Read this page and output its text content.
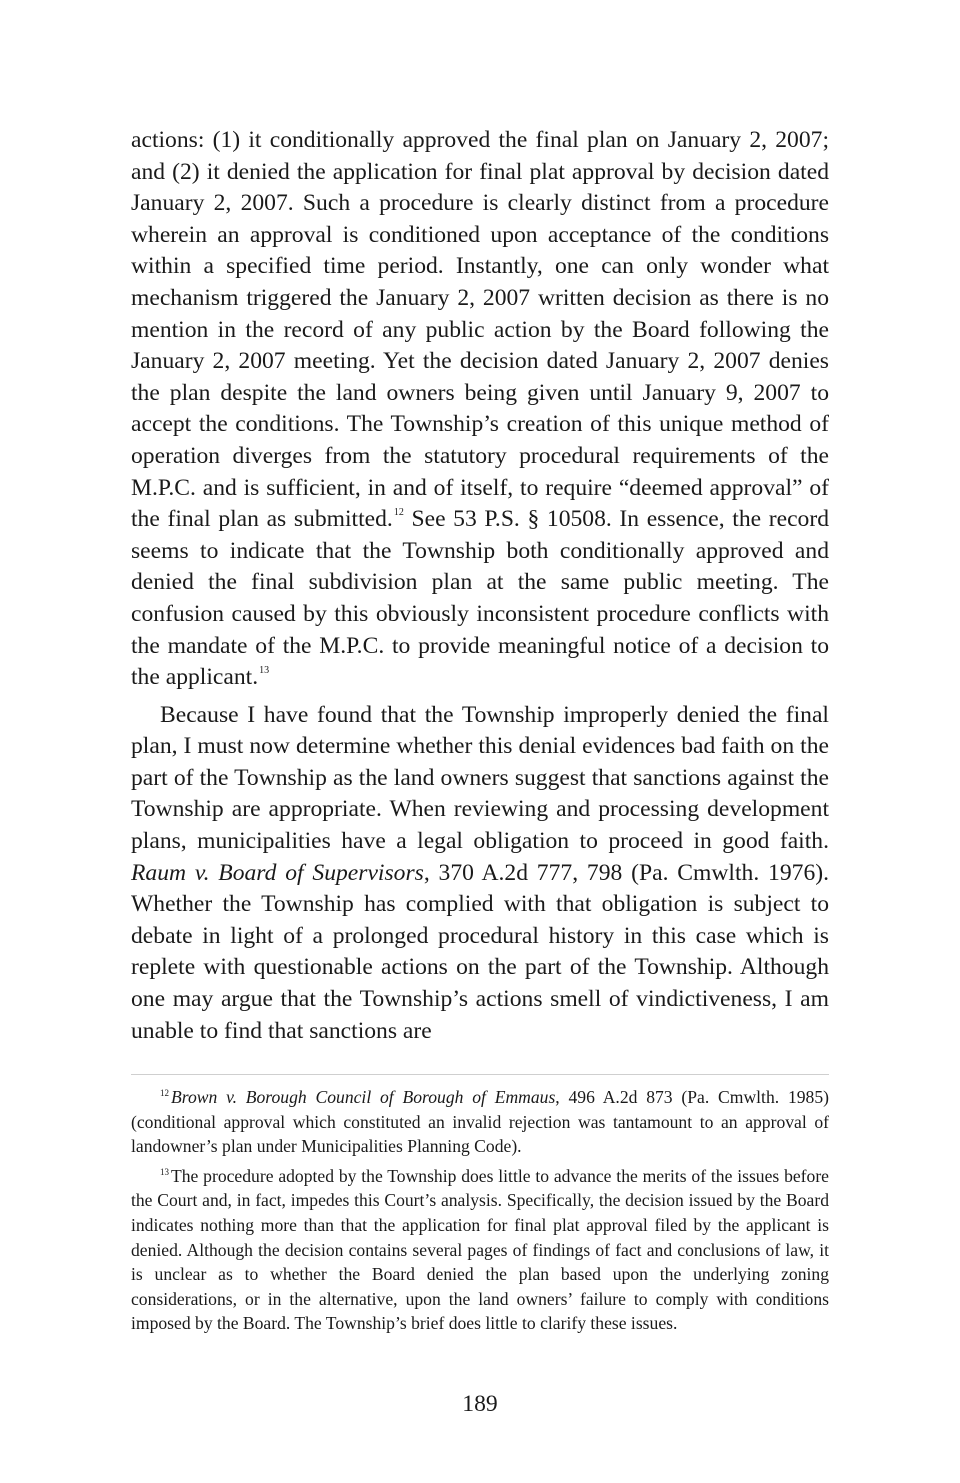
actions: (1) it conditionally approved the final plan on January 2, 2007; and (2) it denied the application for final plat approval by decision dated January 2, 2007. Such a procedure is clearly distinct from a procedure wherein an approval is conditioned upon acceptance of the conditions within a specified time period. Instantly, one can only wonder what mechanism triggered the January 2, 2007 written decision as there is no mention in the record of any public action by the Board following the January 2, 2007 meeting. Yet the decision dated January 2, 2007 denies the plan despite the land owners being given until January 9, 2007 to accept the conditions. The Township’s creation of this unique method of operation diverges from the statutory procedural requirements of the M.P.C. and is sufficient, in and of itself, to require “deemed approval” of the final plan as submitted.$^{12}$ See 53 P.S. § 10508. In essence, the record seems to indicate that the Township both conditionally approved and denied the final subdivision plan at the same public meeting. The confusion caused by this obviously inconsistent procedure conflicts with the mandate of the M.P.C. to provide meaningful notice of a decision to the applicant.$^{13}$

Because I have found that the Township improperly denied the final plan, I must now determine whether this denial evidences bad faith on the part of the Township as the land owners suggest that sanctions against the Township are appropriate. When reviewing and processing development plans, municipalities have a legal obligation to proceed in good faith. Raum v. Board of Supervisors, 370 A.2d 777, 798 (Pa. Cmwlth. 1976). Whether the Township has complied with that obligation is subject to debate in light of a prolonged procedural history in this case which is replete with questionable actions on the part of the Township. Although one may argue that the Township’s actions smell of vindictiveness, I am unable to find that sanctions are

$^{12}$ Brown v. Borough Council of Borough of Emmaus, 496 A.2d 873 (Pa. Cmwlth. 1985) (conditional approval which constituted an invalid rejection was tantamount to an approval of landowner’s plan under Municipalities Planning Code).

$^{13}$ The procedure adopted by the Township does little to advance the merits of the issues before the Court and, in fact, impedes this Court’s analysis. Specifically, the decision issued by the Board indicates nothing more than that the application for final plat approval filed by the applicant is denied. Although the decision contains several pages of findings of fact and conclusions of law, it is unclear as to whether the Board denied the plan based upon the underlying zoning considerations, or in the alternative, upon the land owners’ failure to comply with conditions imposed by the Board. The Township’s brief does little to clarify these issues.

189
